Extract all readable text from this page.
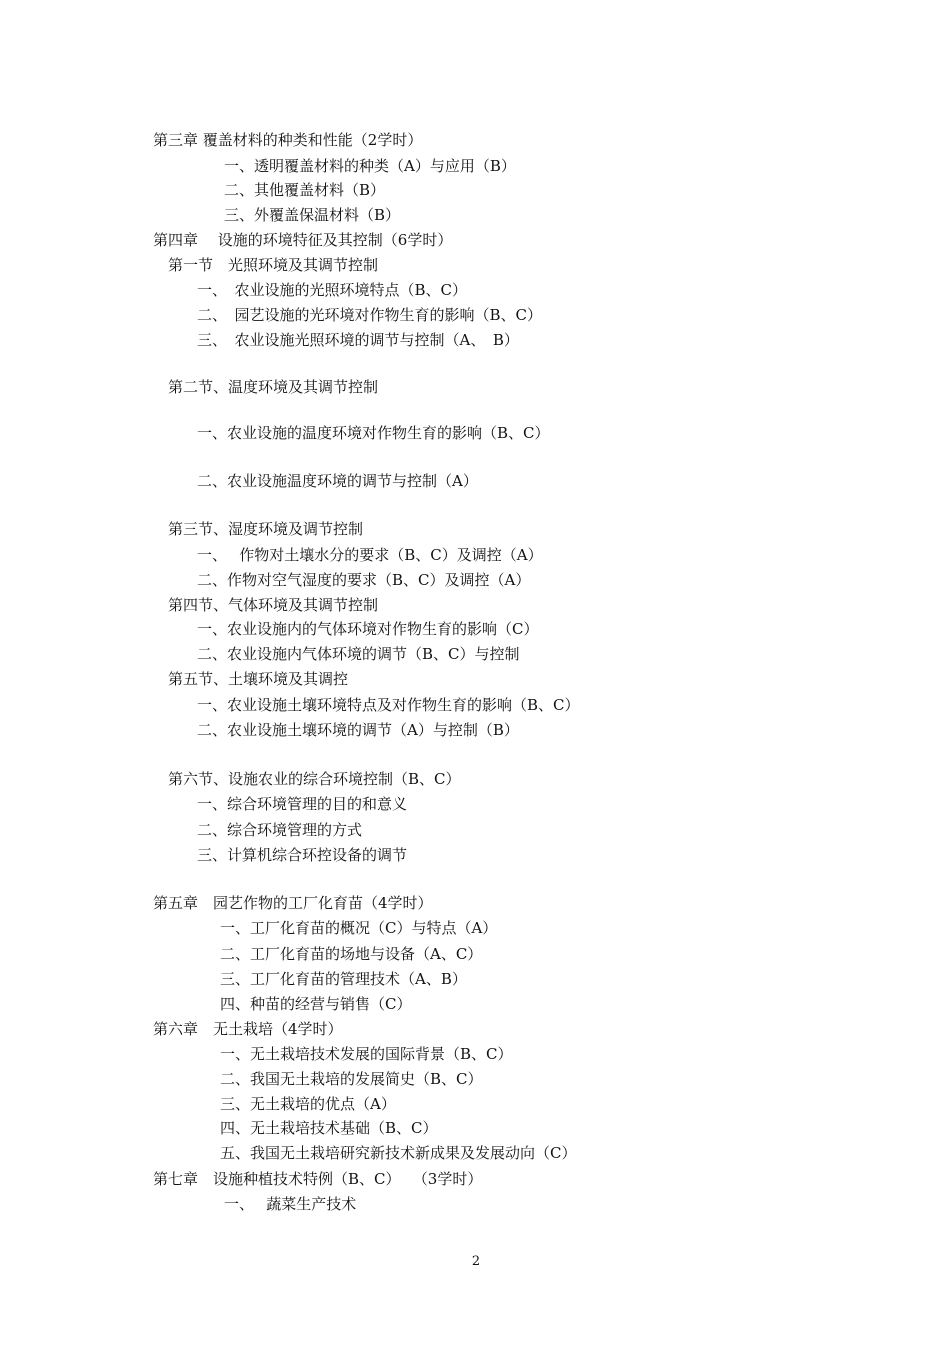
第三章 覆盖材料的种类和性能（2学时）
一、透明覆盖材料的种类（A）与应用（B）
二、其他覆盖材料（B）
三、外覆盖保温材料（B）
第四章　 设施的环境特征及其控制（6学时）
第一节　光照环境及其调节控制
一、　农业设施的光照环境特点（B、C）
二、　园艺设施的光环境对作物生育的影响（B、C）
三、　农业设施光照环境的调节与控制（A、　B）
第二节、温度环境及其调节控制
一、农业设施的温度环境对作物生育的影响（B、C）
二、农业设施温度环境的调节与控制（A）
第三节、湿度环境及调节控制
一、　 作物对土壤水分的要求（B、C）及调控（A）
二、作物对空气湿度的要求（B、C）及调控（A）
第四节、气体环境及其调节控制
一、农业设施内的气体环境对作物生育的影响（C）
二、农业设施内气体环境的调节（B、C）与控制
第五节、土壤环境及其调控
一、农业设施土壤环境特点及对作物生育的影响（B、C）
二、农业设施土壤环境的调节（A）与控制（B）
第六节、设施农业的综合环境控制（B、C）
一、综合环境管理的目的和意义
二、综合环境管理的方式
三、计算机综合环控设备的调节
第五章　园艺作物的工厂化育苗（4学时）
一、工厂化育苗的概况（C）与特点（A）
二、工厂化育苗的场地与设备（A、C）
三、工厂化育苗的管理技术（A、B）
四、种苗的经营与销售（C）
第六章　无土栽培（4学时）
一、无土栽培技术发展的国际背景（B、C）
二、我国无土栽培的发展简史（B、C）
三、无土栽培的优点（A）
四、无土栽培技术基础（B、C）
五、我国无土栽培研究新技术新成果及发展动向（C）
第七章　设施种植技术特例（B、C）　 （3学时）
一、　 蔬菜生产技术
2
